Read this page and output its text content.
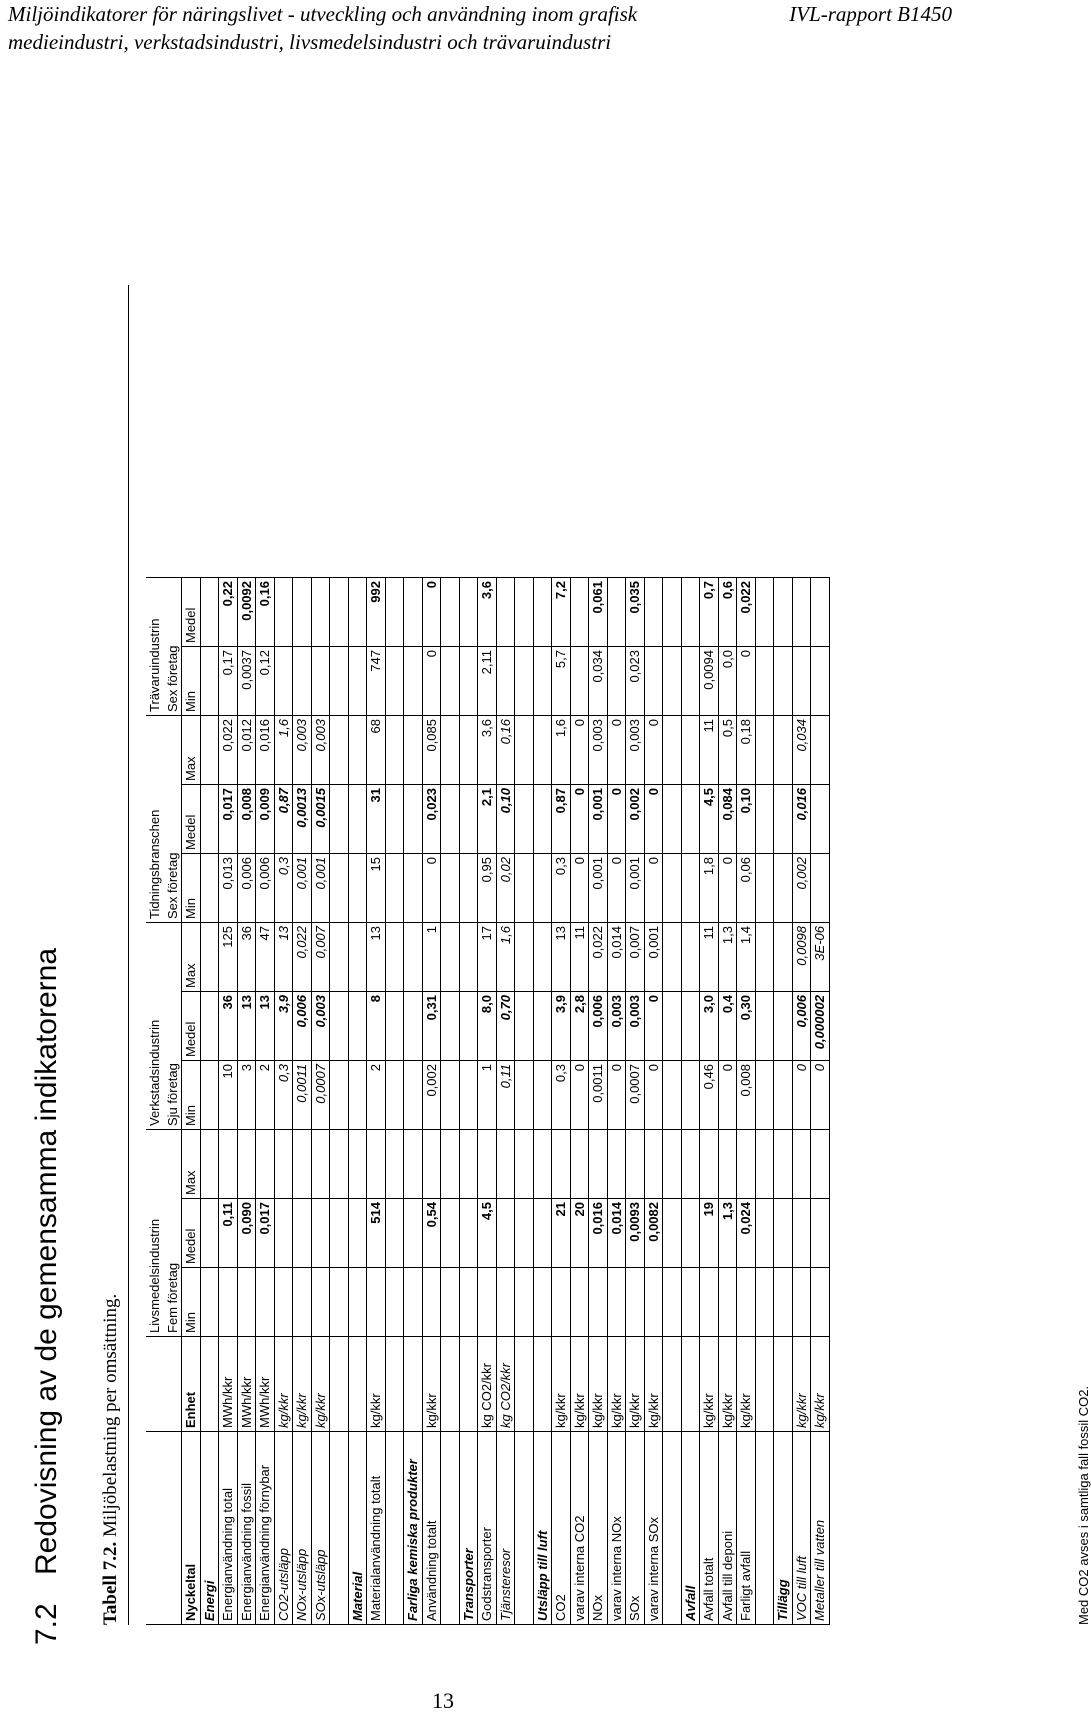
Miljöindikatorer för näringslivet - utveckling och användning inom grafisk	IVL-rapport B1450
medieindustri, verkstadsindustri, livsmedelsindustri och trävaruindustri
7.2Redovisning av de gemensamma indikatorerna
Tabell 7.2. Miljöbelastning per omsättning.
		Livsmedelsindustrin			Verkstadsindustrin			Tidningsbranschen			Trävaruindustrin	
		Fem företag			Sju företag			Sex företag			Sex företag	
Nyckeltal	Enhet	Min	Medel	Max	Min	Medel	Max	Min	Medel	Max	Min	Medel
Energi												
Energianvändning total	MWh/kkr		0,11		10	36	125	0,013	0,017	0,022	0,17	0,22
Energianvändning fossil	MWh/kkr		0,090		3	13	36	0,006	0,008	0,012	0,0037	0,0092
Energianvändning förnybar	MWh/kkr		0,017		2	13	47	0,006	0,009	0,016	0,12	0,16
CO2-utsläpp	kg/kkr				0,3	3,9	13	0,3	0,87	1,6		
NOx-utsläpp	kg/kkr				0,0011	0,006	0,022	0,001	0,0013	0,003		
SOx-utsläpp	kg/kkr				0,0007	0,003	0,007	0,001	0,0015	0,003		

Material												
Materialanvändning totalt	kg/kkr		514		2	8	13	15	31	68	747	992

Farliga kemiska produkter												
Användning totalt	kg/kkr		0,54		0,002	0,31	1	0	0,023	0,085	0	0

Transporter												
Godstransporter	kg CO2/kkr		4,5		1	8,0	17	0,95	2,1	3,6	2,11	3,6
Tjänsteresor	kg CO2/kkr				0,11	0,70	1,6	0,02	0,10	0,16		

Utsläpp till luft												
CO2	kg/kkr		21		0,3	3,9	13	0,3	0,87	1,6	5,7	7,2
varav interna CO2	kg/kkr		20		0	2,8	11	0	0	0		
NOx	kg/kkr		0,016		0,0011	0,006	0,022	0,001	0,001	0,003	0,034	0,061
varav interna NOx	kg/kkr		0,014		0	0,003	0,014	0	0	0		
SOx	kg/kkr		0,0093		0,0007	0,003	0,007	0,001	0,002	0,003	0,023	0,035
varav interna SOx	kg/kkr		0,0082		0	0	0,001	0	0	0		

Avfall												
Avfall totalt	kg/kkr		19		0,46	3,0	11	1,8	4,5	11	0,0094	0,7
Avfall till deponi	kg/kkr		1,3		0	0,4	1,3	0	0,084	0,5	0,0	0,6
Farligt avfall	kg/kkr		0,024		0,008	0,30	1,4	0,06	0,10	0,18	0	0,022

Tillägg												
VOC till luft	kg/kkr				0	0,006	0,0098	0,002	0,016	0,034		
Metaller till vatten	kg/kkr				0	0,000002	3E-06					
Med CO2 avses i samtliga fall fossil CO2.
13
